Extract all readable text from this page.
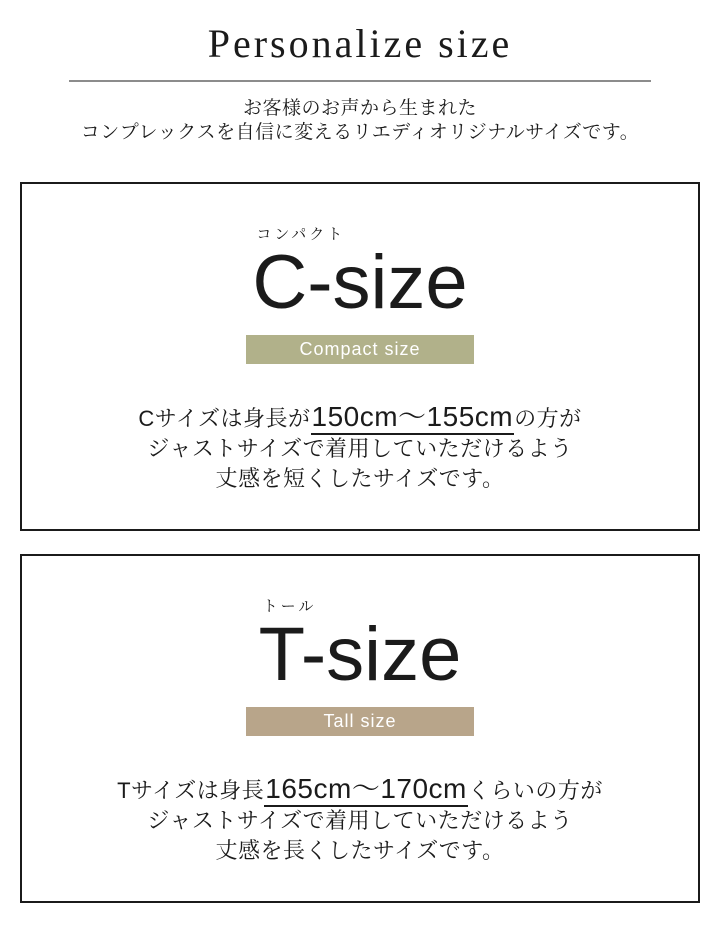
Personalize size

お客様のお声から生まれた
コンプレックスを自信に変えるリエディオリジナルサイズです。

コンパクト
C-size
Compact size

Cサイズは身長が150cm〜155cmの方が
ジャストサイズで着用していただけるよう
丈感を短くしたサイズです。

トール
T-size
Tall size

Tサイズは身長165cm〜170cmくらいの方が
ジャストサイズで着用していただけるよう
丈感を長くしたサイズです。
